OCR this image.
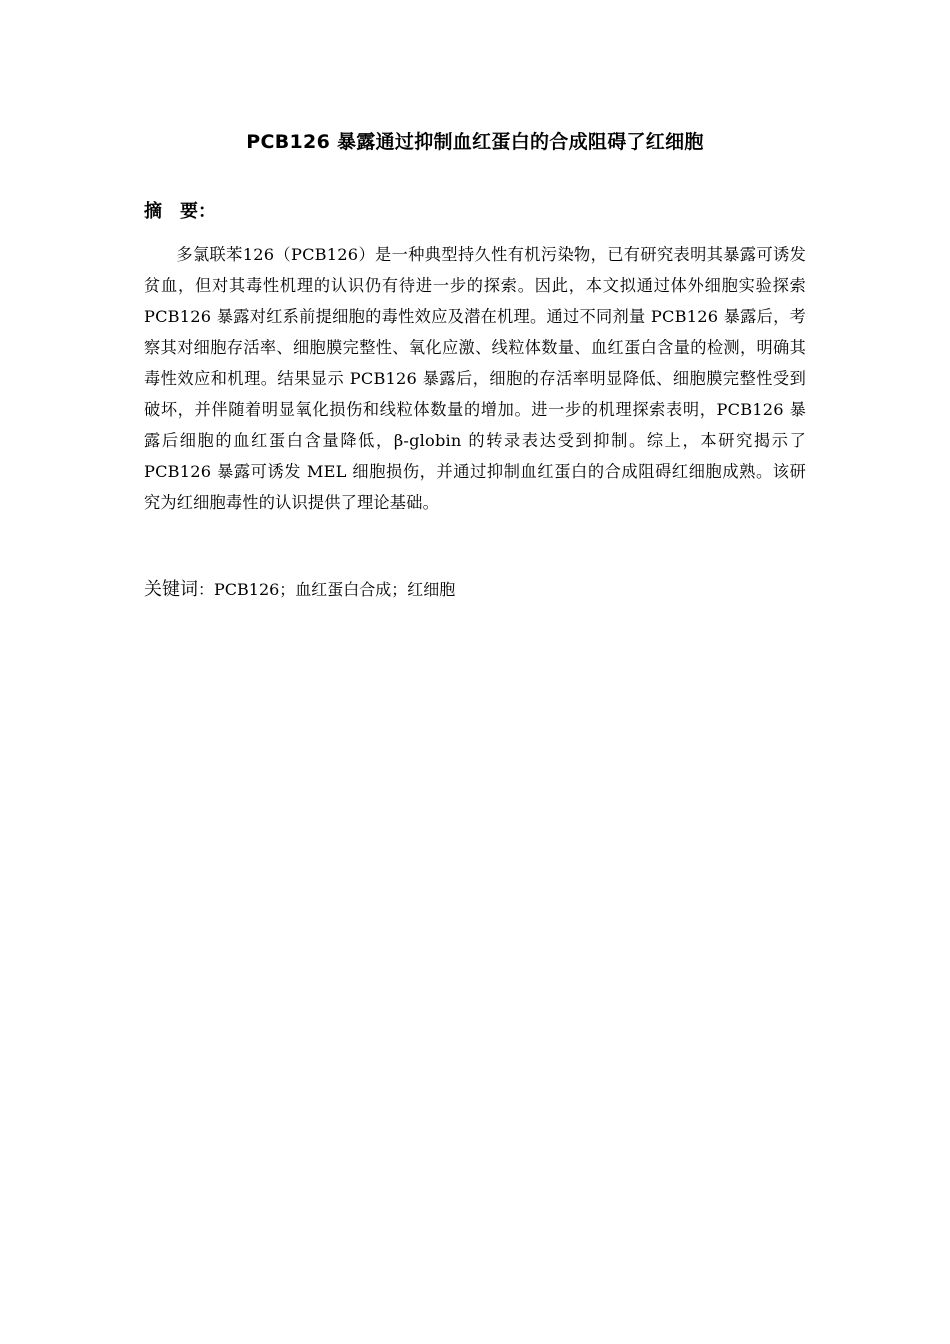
PCB126 暴露通过抑制血红蛋白的合成阻碍了红细胞
摘 要：
多氯联苯126（PCB126）是一种典型持久性有机污染物，已有研究表明其暴露可诱发贫血，但对其毒性机理的认识仍有待进一步的探索。因此，本文拟通过体外细胞实验探索 PCB126 暴露对红系前提细胞的毒性效应及潜在机理。通过不同剂量 PCB126 暴露后，考察其对细胞存活率、细胞膜完整性、氧化应激、线粒体数量、血红蛋白含量的检测，明确其毒性效应和机理。结果显示 PCB126 暴露后，细胞的存活率明显降低、细胞膜完整性受到破坏，并伴随着明显氧化损伤和线粒体数量的增加。进一步的机理探索表明，PCB126 暴露后细胞的血红蛋白含量降低，β-globin 的转录表达受到抑制。综上，本研究揭示了 PCB126 暴露可诱发 MEL 细胞损伤，并通过抑制血红蛋白的合成阻碍红细胞成熟。该研究为红细胞毒性的认识提供了理论基础。
关键词：PCB126；血红蛋白合成；红细胞
